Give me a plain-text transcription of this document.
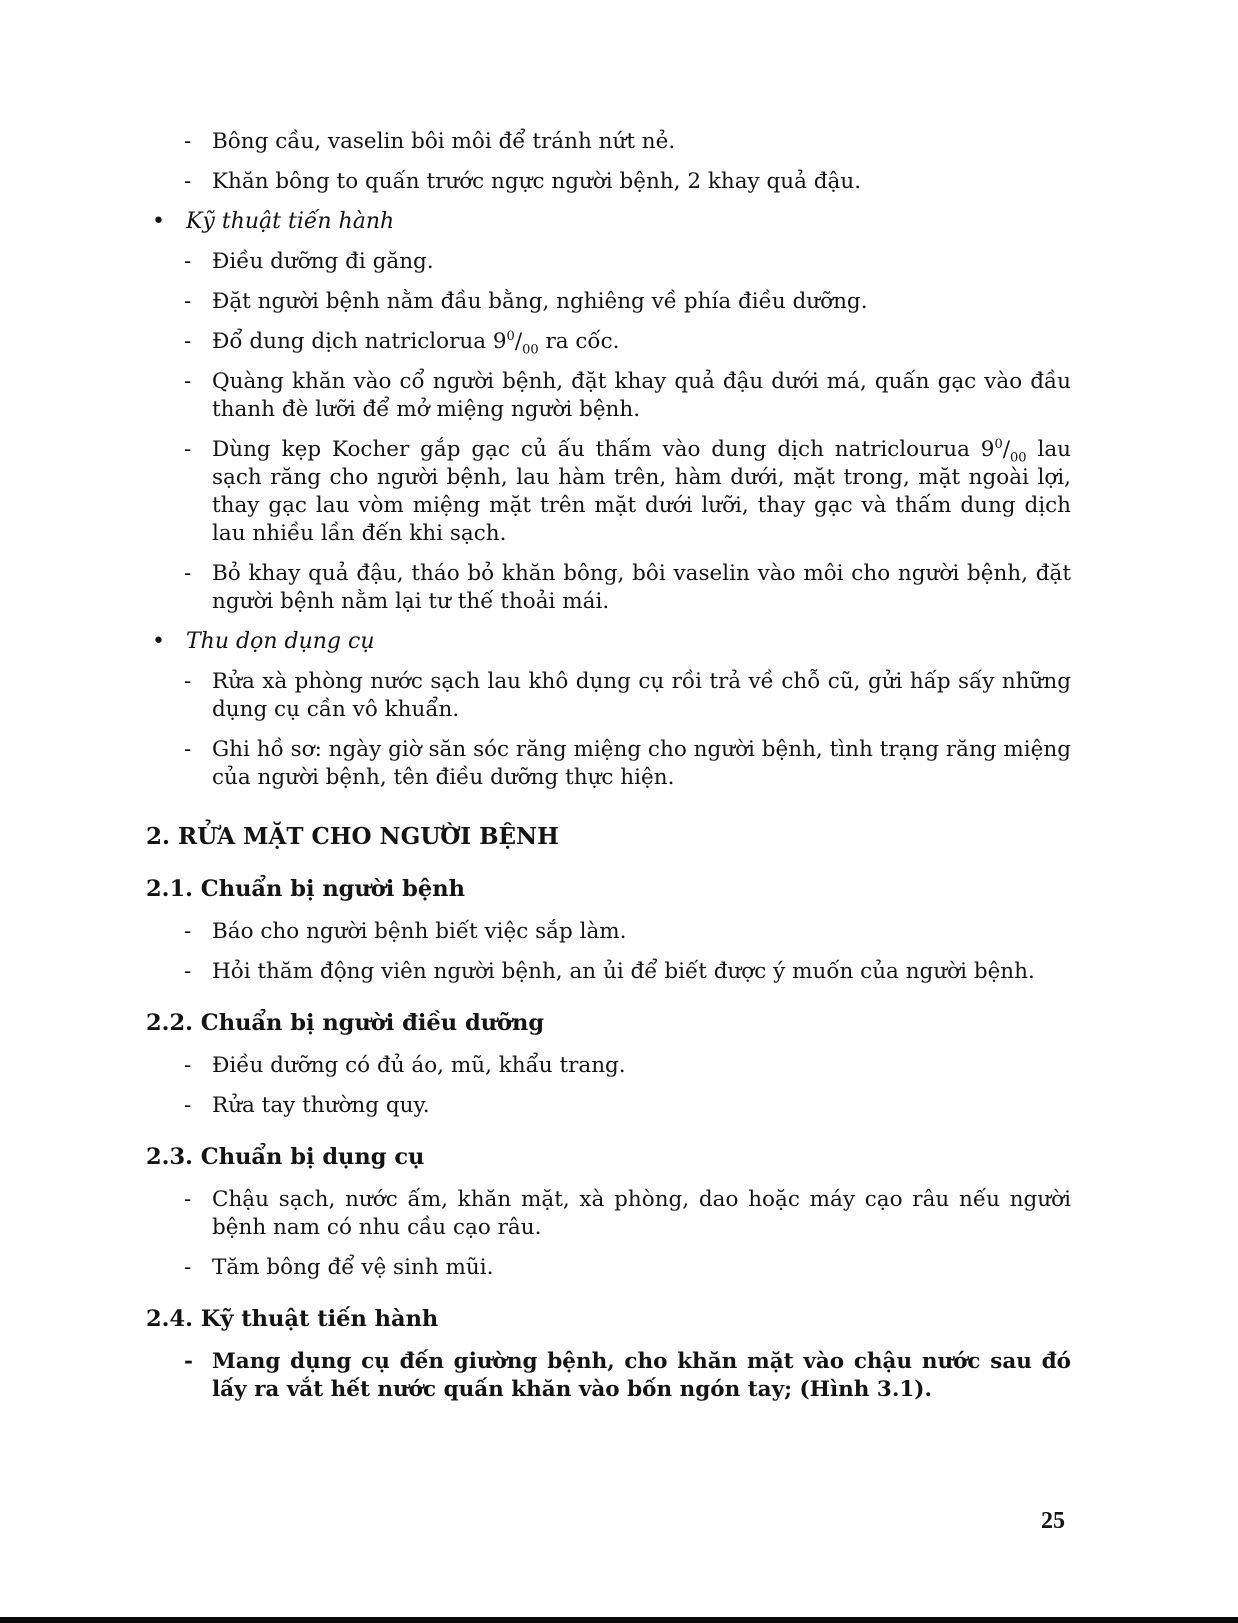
- Bông cầu, vaselin bôi môi để tránh nứt nẻ.
- Khăn bông to quấn trước ngực người bệnh, 2 khay quả đậu.
• Kỹ thuật tiến hành
- Điều dưỡng đi găng.
- Đặt người bệnh nằm đầu bằng, nghiêng về phía điều dưỡng.
- Đổ dung dịch natriclorua $9^0/_{00}$ ra cốc.
- Quàng khăn vào cổ người bệnh, đặt khay quả đậu dưới má, quấn gạc vào đầu thanh đè lưỡi để mở miệng người bệnh.
- Dùng kẹp Kocher gắp gạc củ ấu thấm vào dung dịch natriclourua $9^0/_{00}$ lau sạch răng cho người bệnh, lau hàm trên, hàm dưới, mặt trong, mặt ngoài lợi, thay gạc lau vòm miệng mặt trên mặt dưới lưỡi, thay gạc và thấm dung dịch lau nhiều lần đến khi sạch.
- Bỏ khay quả đậu, tháo bỏ khăn bông, bôi vaselin vào môi cho người bệnh, đặt người bệnh nằm lại tư thế thoải mái.
• Thu dọn dụng cụ
- Rửa xà phòng nước sạch lau khô dụng cụ rồi trả về chỗ cũ, gửi hấp sấy những dụng cụ cần vô khuẩn.
- Ghi hồ sơ: ngày giờ săn sóc răng miệng cho người bệnh, tình trạng răng miệng của người bệnh, tên điều dưỡng thực hiện.
2. RỬA MẶT CHO NGƯỜI BỆNH
2.1. Chuẩn bị người bệnh
- Báo cho người bệnh biết việc sắp làm.
- Hỏi thăm động viên người bệnh, an ủi để biết được ý muốn của người bệnh.
2.2. Chuẩn bị người điều dưỡng
- Điều dưỡng có đủ áo, mũ, khẩu trang.
- Rửa tay thường quy.
2.3. Chuẩn bị dụng cụ
- Chậu sạch, nước ấm, khăn mặt, xà phòng, dao hoặc máy cạo râu nếu người bệnh nam có nhu cầu cạo râu.
- Tăm bông để vệ sinh mũi.
2.4. Kỹ thuật tiến hành
- Mang dụng cụ đến giường bệnh, cho khăn mặt vào chậu nước sau đó lấy ra vắt hết nước quấn khăn vào bốn ngón tay; (Hình 3.1).
25
